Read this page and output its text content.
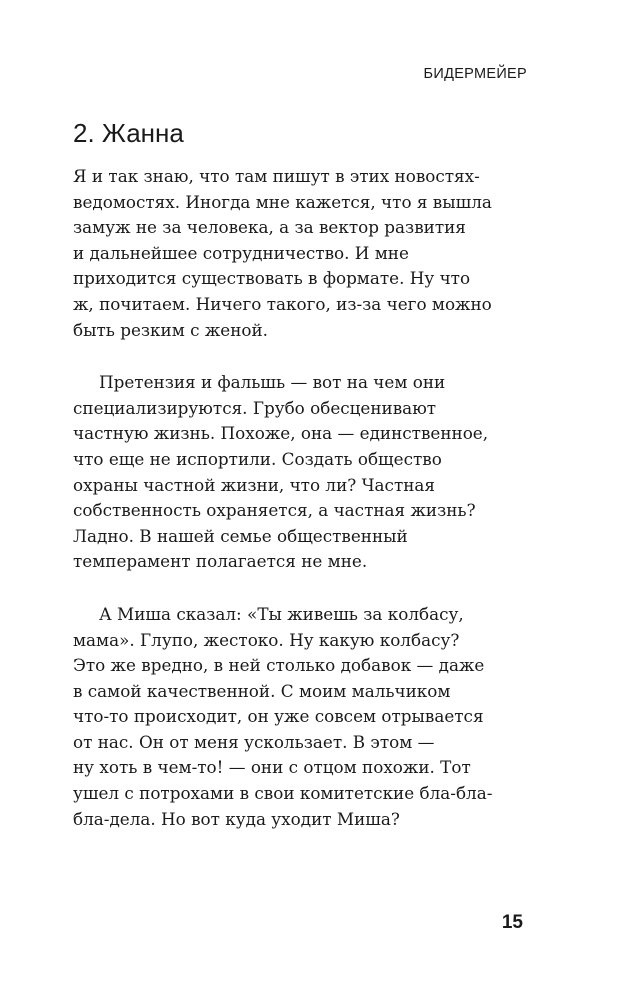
БИДЕРМЕЙЕР
2. Жанна

Я и так знаю, что там пишут в этих новостях-
ведомостях. Иногда мне кажется, что я вышла
замуж не за человека, а за вектор развития
и дальнейшее сотрудничество. И мне
приходится существовать в формате. Ну что
ж, почитаем. Ничего такого, из-за чего можно
быть резким с женой.

Претензия и фальшь — вот на чем они
специализируются. Грубо обесценивают
частную жизнь. Похоже, она — единственное,
что еще не испортили. Создать общество
охраны частной жизни, что ли? Частная
собственность охраняется, а частная жизнь?
Ладно. В нашей семье общественный
темперамент полагается не мне.

А Миша сказал: «Ты живешь за колбасу,
мама». Глупо, жестоко. Ну какую колбасу?
Это же вредно, в ней столько добавок — даже
в самой качественной. С моим мальчиком
что-то происходит, он уже совсем отрывается
от нас. Он от меня ускользает. В этом —
ну хоть в чем-то! — они с отцом похожи. Тот
ушел с потрохами в свои комитетские бла-бла-
бла-дела. Но вот куда уходит Миша?

15
